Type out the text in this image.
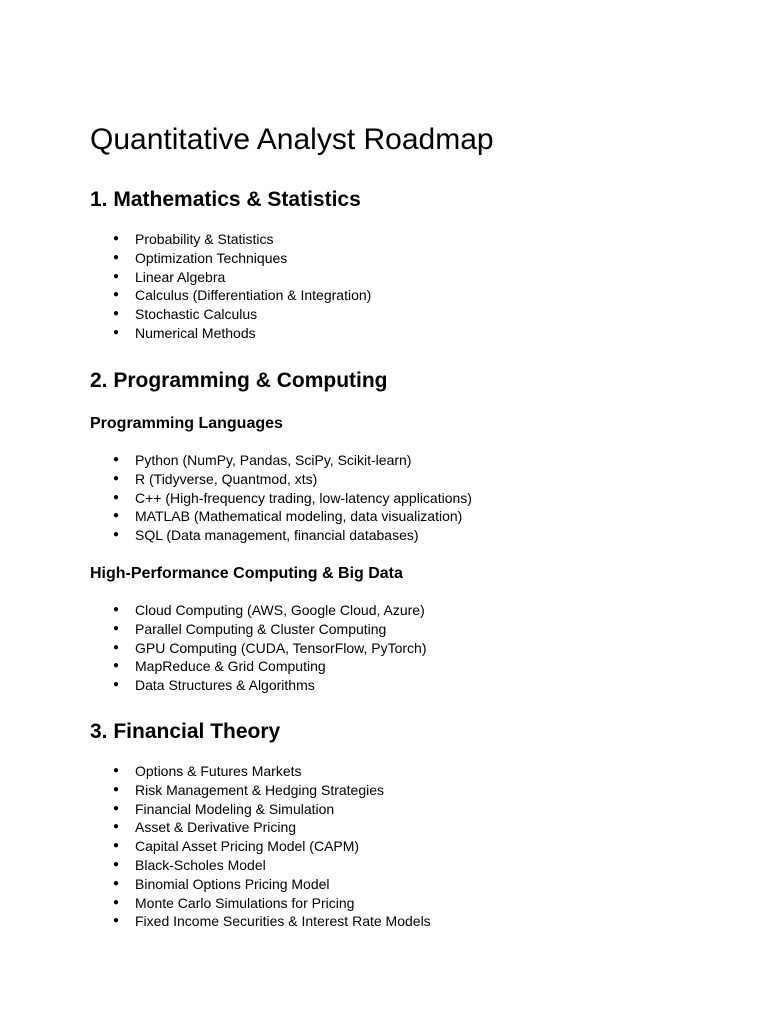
Quantitative Analyst Roadmap
1. Mathematics & Statistics
● Probability & Statistics
● Optimization Techniques
● Linear Algebra
● Calculus (Differentiation & Integration)
● Stochastic Calculus
● Numerical Methods
2. Programming & Computing
Programming Languages
● Python (NumPy, Pandas, SciPy, Scikit-learn)
● R (Tidyverse, Quantmod, xts)
● C++ (High-frequency trading, low-latency applications)
● MATLAB (Mathematical modeling, data visualization)
● SQL (Data management, financial databases)
High-Performance Computing & Big Data
● Cloud Computing (AWS, Google Cloud, Azure)
● Parallel Computing & Cluster Computing
● GPU Computing (CUDA, TensorFlow, PyTorch)
● MapReduce & Grid Computing
● Data Structures & Algorithms
3. Financial Theory
● Options & Futures Markets
● Risk Management & Hedging Strategies
● Financial Modeling & Simulation
● Asset & Derivative Pricing
● Capital Asset Pricing Model (CAPM)
● Black-Scholes Model
● Binomial Options Pricing Model
● Monte Carlo Simulations for Pricing
● Fixed Income Securities & Interest Rate Models
